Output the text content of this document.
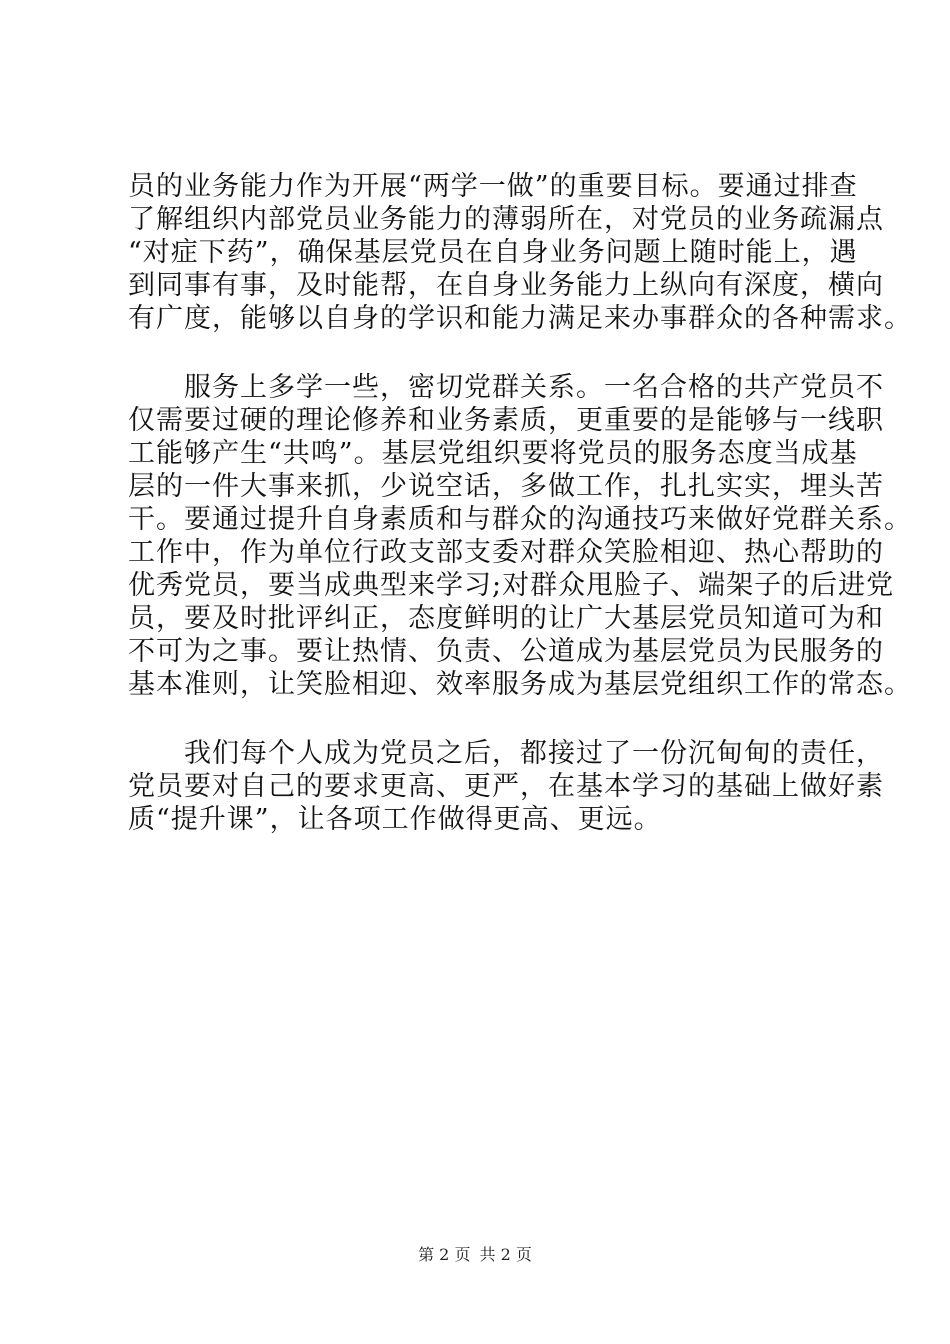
员的业务能力作为开展“两学一做”的重要目标。要通过排查
了解组织内部党员业务能力的薄弱所在，对党员的业务疏漏点
“对症下药”，确保基层党员在自身业务问题上随时能上，遇
到同事有事，及时能帮，在自身业务能力上纵向有深度，横向
有广度，能够以自身的学识和能力满足来办事群众的各种需求。
　　服务上多学一些，密切党群关系。一名合格的共产党员不
仅需要过硬的理论修养和业务素质，更重要的是能够与一线职
工能够产生“共鸣”。基层党组织要将党员的服务态度当成基
层的一件大事来抓，少说空话，多做工作，扎扎实实，埋头苦
干。要通过提升自身素质和与群众的沟通技巧来做好党群关系。
工作中，作为单位行政支部支委对群众笑脸相迎、热心帮助的
优秀党员，要当成典型来学习;对群众甩脸子、端架子的后进党
员，要及时批评纠正，态度鲜明的让广大基层党员知道可为和
不可为之事。要让热情、负责、公道成为基层党员为民服务的
基本准则，让笑脸相迎、效率服务成为基层党组织工作的常态。
　　我们每个人成为党员之后，都接过了一份沉甸甸的责任，
党员要对自己的要求更高、更严，在基本学习的基础上做好素
质“提升课”，让各项工作做得更高、更远。
第 2 页 共 2 页
